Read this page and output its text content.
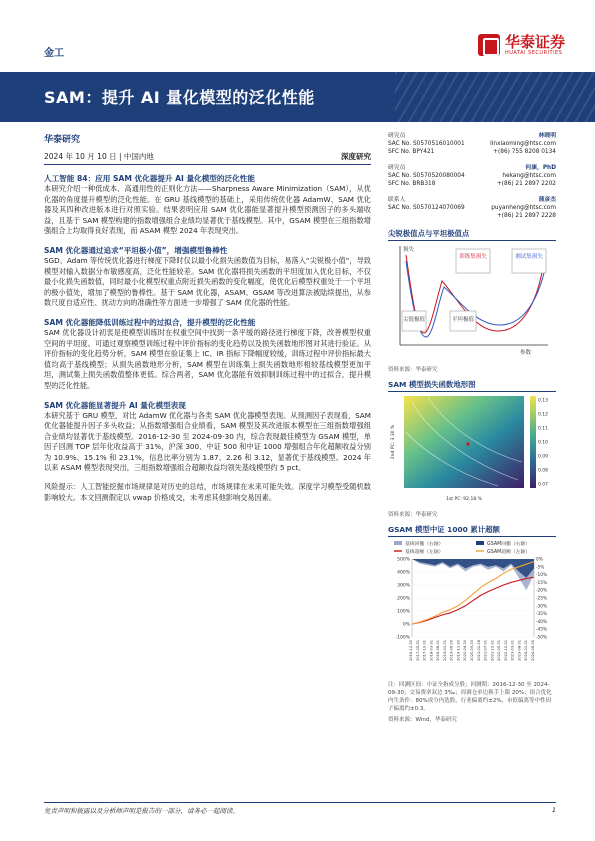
金工
华泰证券
HUATAI SECURITIES
SAM：提升 AI 量化模型的泛化性能
华泰研究
2024 年 10 月 10 日 | 中国内地	深度研究
人工智能 84：应用 SAM 优化器提升 AI 量化模型的泛化性能

本研究介绍一种低成本、高通用性的正则化方法——Sharpness Aware Minimization（SAM），从优化器的角度提升模型的泛化性能。在 GRU 基线模型的基础上，采用传统优化器 AdamW、SAM 优化器及其四种改进版本进行对照实验。结果表明应用 SAM 优化器能显著提升模型预测因子的多头端收益，且基于 SAM 模型构建的指数增强组合业绩均显著优于基线模型。其中，GSAM 模型在三组指数增强组合上均取得良好表现，而 ASAM 模型 2024 年表现突出。

SAM 优化器通过追求“平坦极小值”，增强模型鲁棒性

SGD、Adam 等传统优化器进行梯度下降时仅以最小化损失函数值为目标，易落入“尖锐极小值”，导致模型对输入数据分布敏感度高，泛化性能较差。SAM 优化器将损失函数的平坦度加入优化目标，不仅最小化损失函数值，同时最小化模型权重点附近损失函数的变化幅度，使优化后模型权重处于一个平坦的极小值处，增加了模型的鲁棒性。基于 SAM 优化器，ASAM、GSAM 等改进算法被陆续提出，从参数尺度自适应性、扰动方向的准确性等方面进一步增强了 SAM 优化器的性能。

SAM 优化器能降低训练过程中的过拟合，提升模型的泛化性能

SAM 优化器设计初衷是使模型训练时在权重空间中找到一条平缓的路径进行梯度下降，改善模型权重空间的平坦度。可通过观察模型训练过程中评价指标的变化趋势以及损失函数地形图对其进行验证。从评价指标的变化趋势分析，SAM 模型在验证集上 IC、IR 指标下降幅度较缓，训练过程中评价指标最大值均高于基线模型；从损失函数地形分析，SAM 模型在训练集上损失函数地形相较基线模型更加平坦，测试集上损失函数值整体更低。综合两者，SAM 优化器能有效抑制训练过程中的过拟合，提升模型的泛化性能。

SAM 优化器能显著提升 AI 量化模型表现

本研究基于 GRU 模型，对比 AdamW 优化器与各类 SAM 优化器模型表现。从预测因子表现看，SAM 优化器能提升因子多头收益；从指数增强组合业绩看，SAM 模型及其改进版本模型在三组指数增强组合业绩均显著优于基线模型。2016-12-30 至 2024-09-30 内，综合表现最佳模型为 GSAM 模型，单因子回测 TOP 层年化收益高于 31%，沪深 300、中证 500 和中证 1000 增强组合年化超额收益分别为 10.9%、15.1% 和 23.1%，信息比率分别为 1.87、2.26 和 3.12，显著优于基线模型。2024 年以来 ASAM 模型表现突出，三组指数增强组合超额收益均领先基线模型约 5 pct。

风险提示：人工智能挖掘市场规律是对历史的总结，市场规律在未来可能失效。深度学习模型受随机数影响较大。本文回测假定以 vwap 价格成交，未考虑其他影响交易因素。

研究员	林晓明
SAC No. S0570516010001	linxiaoming@htsc.com
SFC No. BPY421	+(86) 755 8208 0134
研究员	何康，PhD
SAC No. S0570520080004	hekang@htsc.com
SFC No. BRB318	+(86) 21 2897 2202
联系人	蒲彦杰
SAC No. S0570124070069	puyanheng@htsc.com
+(86) 21 2897 2228
尖锐极值点与平坦极值点
损失
参数
训练集损失	测试集损失
尖锐极值	平坦极值
资料来源：华泰研究
SAM 模型损失函数地形图
0.13
0.12
0.11
0.10
0.09
0.08
0.07
1st PC: 92.18 %
2nd PC: 3.30 %
资料来源：华泰研究
GSAM 模型中证 1000 累计超额
基线回撤（右轴）	GSAM回撤（右轴）
基线超额（左轴）	GSAM超额（左轴）
500%
400%
300%
200%
100%
0%
-100%
0%
-5%
-10%
-15%
-20%
-25%
-30%
-35%
-40%
-45%
-50%
2016-12-30 2017-05-31 2017-10-31 2018-03-31 2018-08-31 2019-01-31 2019-06-30 2019-11-30 2020-04-30 2020-09-30 2021-02-28 2021-07-31 2021-12-31 2022-05-31 2022-10-31 2023-03-31 2023-08-31 2024-01-31 2024-06-30
注：回测区间：中证全指成分股；回测期：2016-12-30 至 2024-09-30；交易费率双边 3‰；周调仓单边换手上限 20%；组合优化内生条件：80%成分内选股，行业偏离约±2%，市值偏离等中性因子偏离约±0.3。
资料来源：Wind，华泰研究
免责声明和披露以及分析师声明是报告的一部分，请务必一起阅读。	1
